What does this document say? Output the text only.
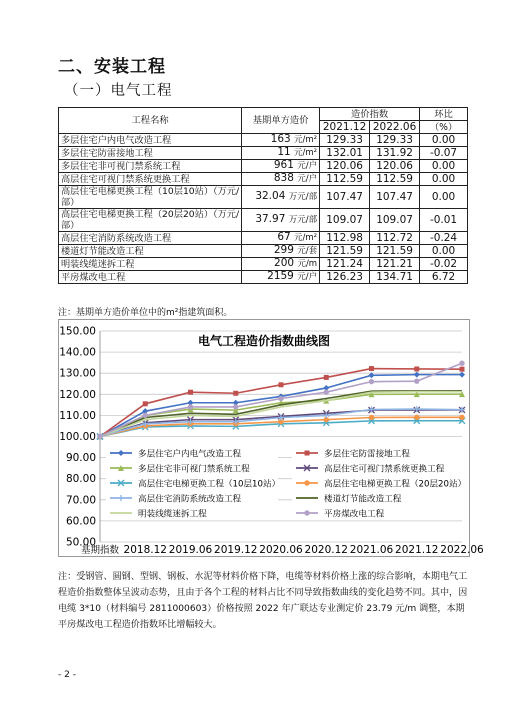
二、安装工程
（一）电气工程
工程名称	基期单方造价	造价指数		环比
		2021.12	2022.06	（%）
多层住宅户内电气改造工程	163 元/m²	129.33	129.33	0.00
多层住宅防雷接地工程	11 元/m²	132.01	131.92	-0.07
多层住宅非可视门禁系统工程	961 元/户	120.06	120.06	0.00
高层住宅可视门禁系统更换工程	838 元/户	112.59	112.59	0.00
高层住宅电梯更换工程（10层10站）（万元/部）	32.04 万元/部	107.47	107.47	0.00
高层住宅电梯更换工程（20层20站）（万元/部）	37.97 万元/部	109.07	109.07	-0.01
高层住宅消防系统改造工程	67 元/m²	112.98	112.72	-0.24
楼道灯节能改造工程	299 元/套	121.59	121.59	0.00
明装线缆迷拆工程	200 元/m	121.24	121.21	-0.02
平房煤改电工程	2159 元/户	126.23	134.71	6.72
注：基期单方造价单位中的m²指建筑面积。
50.00
60.00
70.00
80.00
90.00
100.00
110.00
120.00
130.00
140.00
150.00
基期指数 2018.12 2019.06 2019.12 2020.06 2020.12 2021.06 2021.12 2022.06
电气工程造价指数曲线图
多层住宅户内电气改造工程	多层住宅防雷接地工程
多层住宅非可视门禁系统工程	高层住宅可视门禁系统更换工程
高层住宅电梯更换工程（10层10站）	高层住宅电梯更换工程（20层20站）
高层住宅消防系统改造工程	楼道灯节能改造工程
明装线缆迷拆工程	平房煤改电工程
注：受钢管、圆钢、型钢、钢板、水泥等材料价格下降，电缆等材料价格上涨的综合影响，本期电气工程造价指数整体呈波动态势，且由于各个工程的材料占比不同导致指数曲线的变化趋势不同。其中，因电缆 3*10（材料编号 2811000603）价格按照 2022 年广联达专业测定价 23.79 元/m 调整，本期平房煤改电工程造价指数环比增幅较大。
- 2 -
